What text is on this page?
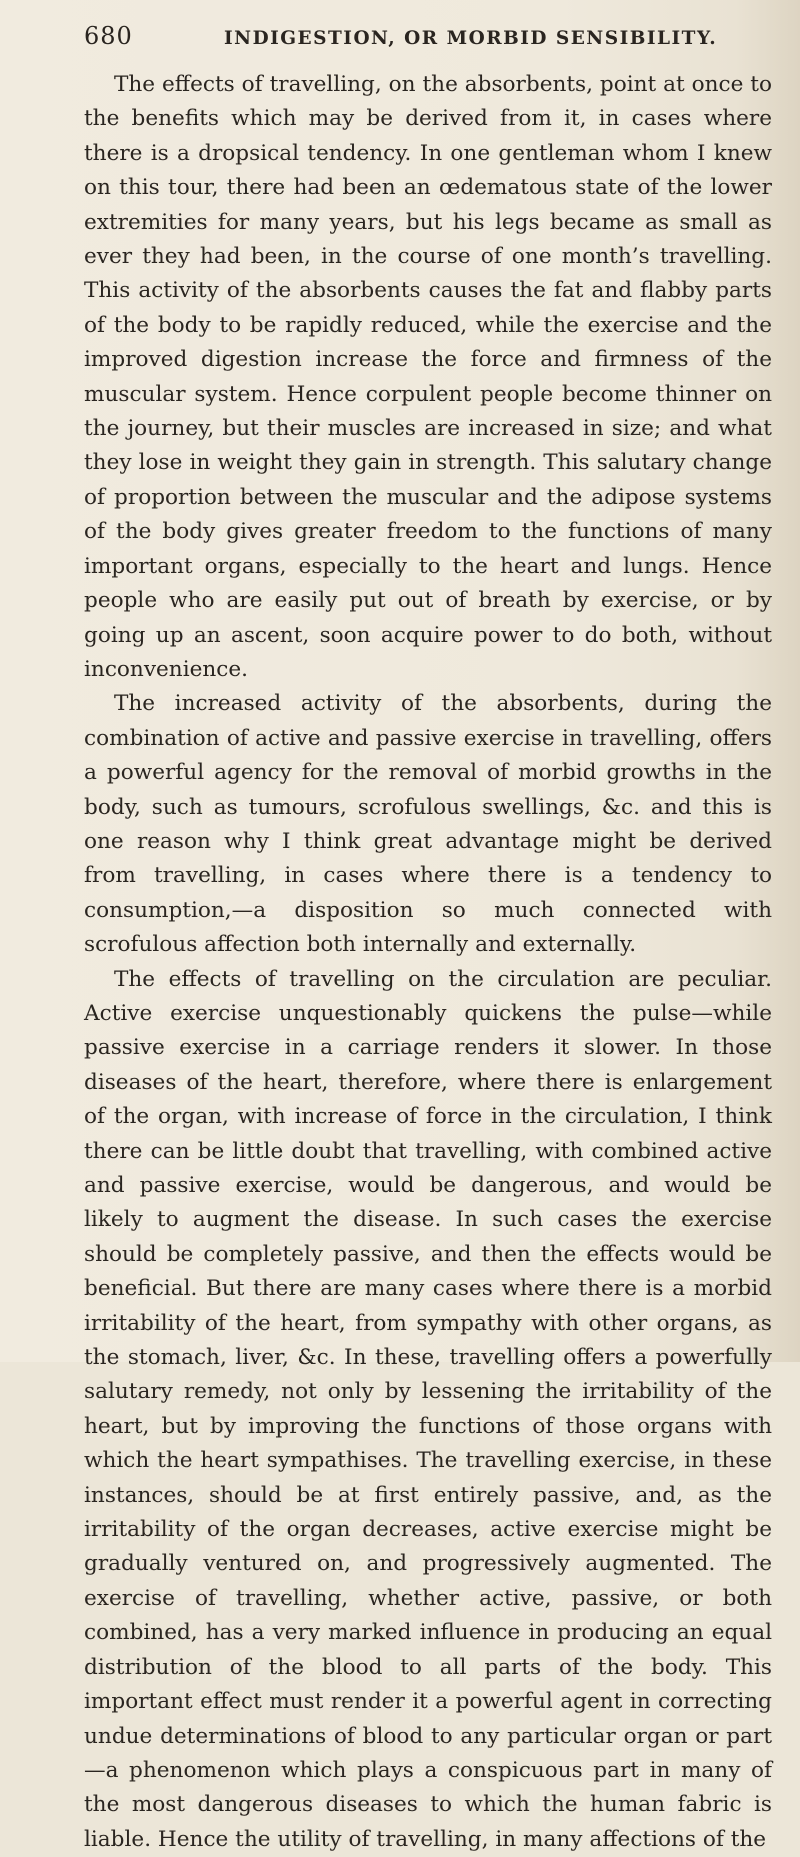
680	INDIGESTION, OR MORBID SENSIBILITY.

The effects of travelling, on the absorbents, point at once to the benefits which may be derived from it, in cases where there is a dropsical tendency. In one gentleman whom I knew on this tour, there had been an œdematous state of the lower extremities for many years, but his legs became as small as ever they had been, in the course of one month’s travelling. This activity of the absorbents causes the fat and flabby parts of the body to be rapidly reduced, while the exercise and the improved digestion increase the force and firmness of the muscular system. Hence corpulent people become thinner on the journey, but their muscles are increased in size; and what they lose in weight they gain in strength. This salutary change of proportion between the muscular and the adipose systems of the body gives greater freedom to the functions of many important organs, especially to the heart and lungs. Hence people who are easily put out of breath by exercise, or by going up an ascent, soon acquire power to do both, without inconvenience.

The increased activity of the absorbents, during the combination of active and passive exercise in travelling, offers a powerful agency for the removal of morbid growths in the body, such as tumours, scrofulous swellings, &c. and this is one reason why I think great advantage might be derived from travelling, in cases where there is a tendency to consumption,—a disposition so much connected with scrofulous affection both internally and externally.

The effects of travelling on the circulation are peculiar. Active exercise unquestionably quickens the pulse—while passive exercise in a carriage renders it slower. In those diseases of the heart, therefore, where there is enlargement of the organ, with increase of force in the circulation, I think there can be little doubt that travelling, with combined active and passive exercise, would be dangerous, and would be likely to augment the disease. In such cases the exercise should be completely passive, and then the effects would be beneficial. But there are many cases where there is a morbid irritability of the heart, from sympathy with other organs, as the stomach, liver, &c. In these, travelling offers a powerfully salutary remedy, not only by lessening the irritability of the heart, but by improving the functions of those organs with which the heart sympathises. The travelling exercise, in these instances, should be at first entirely passive, and, as the irritability of the organ decreases, active exercise might be gradually ventured on, and progressively augmented. The exercise of travelling, whether active, passive, or both combined, has a very marked influence in producing an equal distribution of the blood to all parts of the body. This important effect must render it a powerful agent in correcting undue determinations of blood to any particular organ or part—a phenomenon which plays a conspicuous part in many of the most dangerous diseases to which the human fabric is liable. Hence the utility of travelling, in many affections of the
